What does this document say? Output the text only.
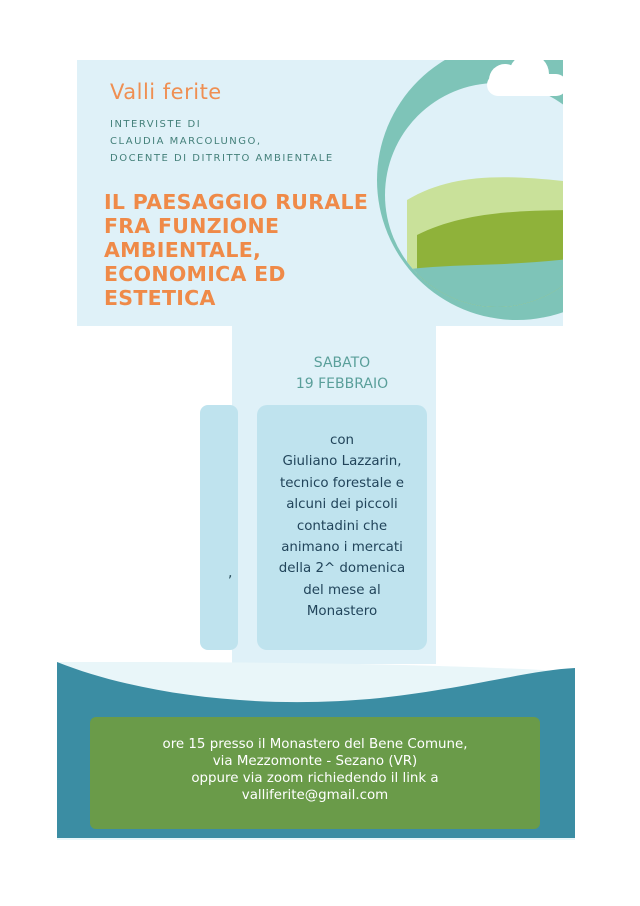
Valli ferite
INTERVISTE DI
CLAUDIA MARCOLUNGO,
DOCENTE DI DITRITTO AMBIENTALE
IL PAESAGGIO RURALE
FRA FUNZIONE
AMBIENTALE,
ECONOMICA ED
ESTETICA
SABATO
19 FEBBRAIO
,
con
Giuliano Lazzarin,
tecnico forestale e
alcuni dei piccoli
contadini che
animano i mercati
della 2^ domenica
del mese al
Monastero
ore 15 presso il Monastero del Bene Comune,
via Mezzomonte - Sezano (VR)
oppure via zoom richiedendo il link a
valliferite@gmail.com
